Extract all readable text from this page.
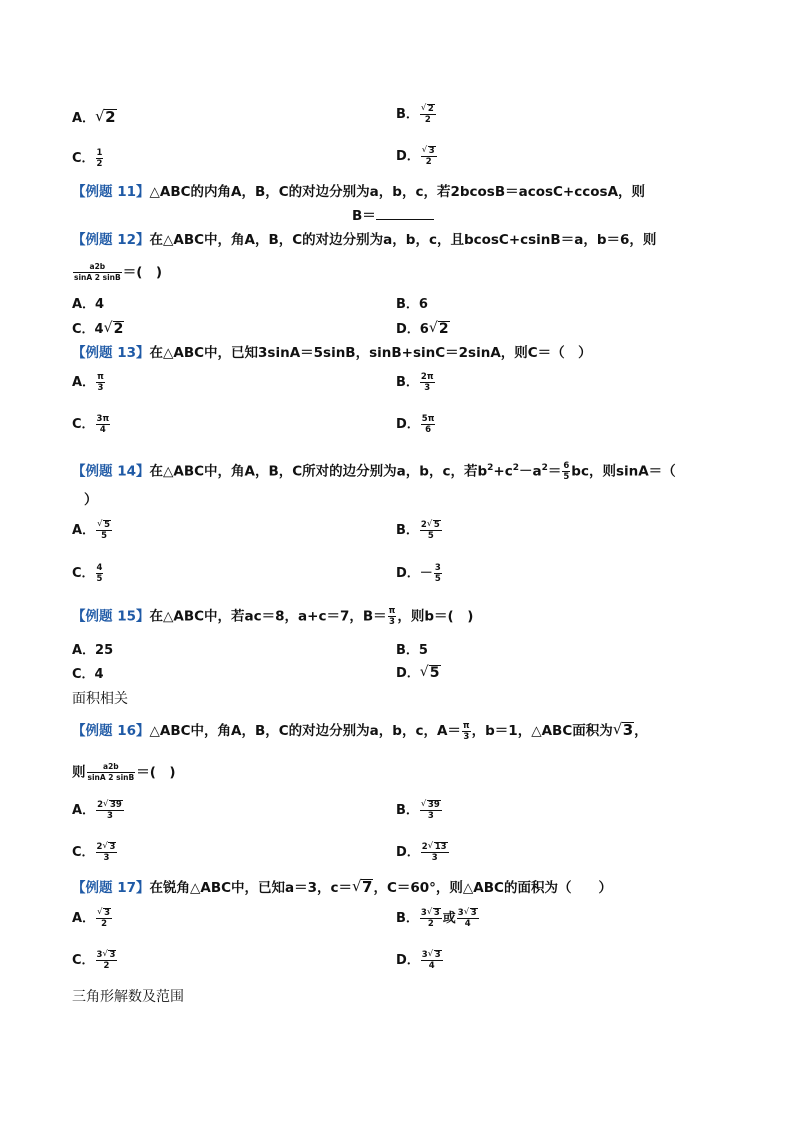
A． √ 2	B． √ $\frac{2}{2}$
C． $\frac{1}{2}$	D． √ $\frac{3}{2}$
【例题 11】△ABC的内角A，B，C的对边分别为a，b，c，若2bcosB＝acosC+ccosA，则
B＝
【例题 12】在△ABC中，角A，B，C的对边分别为a，b，c，且bcosC+csinB＝a，b＝6，则
$\frac{a2b}{\sin A 2 \sin B}$ ＝(　)
A．4	B．6
C．4 √ 2	D．6 √ 2
【例题 13】在△ABC中，已知3sinA＝5sinB，sinB+sinC＝2sinA，则C＝（　）
A． $\frac{\pi}{3}$	B． $\frac{2\pi}{3}$
C． $\frac{3\pi}{4}$	D． $\frac{5\pi}{6}$
【例题 14】在△ABC中，角A，B，C所对的边分别为a，b，c，若$b^2+c^2-a^2= \frac{6}{5}$ bc，则sinA＝（
）
A． √ $\frac{5}{5}$	B． $\frac{2 √ 5}{5}$
C． $\frac{4}{5}$	D．－ $\frac{3}{5}$
【例题 15】在△ABC中，若ac＝8，a+c＝7，$B= \frac{\pi}{3}$ ，则b＝(　)
A．25	B．5
C．4	D． √ 5
面积相关
【例题 16】△ABC中，角A，B，C的对边分别为a，b，c，$A= \frac{\pi}{3}$ ，b＝1，△ABC面积为 √ 3，
则 $\frac{a2b}{\sin A 2 \sin B}$ ＝(　)
A． $\frac{2 √ 39}{3}$	B． √ $\frac{39}{3}$
C． $\frac{2 √ 3}{3}$	D． $\frac{2 √ 13}{3}$
【例题 17】在锐角△ABC中，已知a＝3，c＝ √ 7，C＝60°，则△ABC的面积为（　　）
A． √ $\frac{3}{2}$	B． $\frac{3 √ 3}{2}$ 或 $\frac{3 √ 3}{4}$
C． $\frac{3 √ 3}{2}$	D． $\frac{3 √ 3}{4}$
三角形解数及范围
